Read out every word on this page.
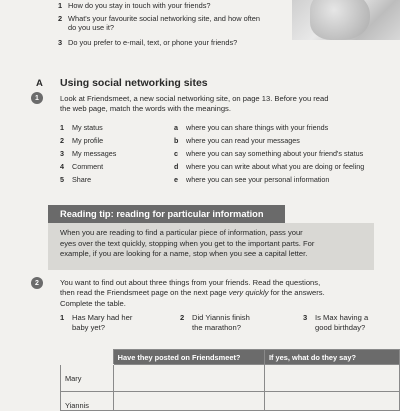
1 How do you stay in touch with your friends?
2 What's your favourite social networking site, and how often
do you use it?
3 Do you prefer to e-mail, text, or phone your friends?
A Using social networking sites
1	Look at Friendsmeet, a new social networking site, on page 13. Before you read
the web page, match the words with the meanings.
1 My status	a where you can share things with your friends
2 My profile	b where you can read your messages
3 My messages	c where you can say something about your friend's status
4 Comment	d where you can write about what you are doing or feeling
5 Share	e where you can see your personal information
Reading tip: reading for particular information
When you are reading to find a particular piece of information, pass your
eyes over the text quickly, stopping when you get to the important parts. For
example, if you are looking for a name, stop when you see a capital letter.
2	You want to find out about three things from your friends. Read the questions,
then read the Friendsmeet page on the next page very quickly for the answers.
Complete the table.
1 Has Mary had her
baby yet?
2 Did Yiannis finish
the marathon?
3 Is Max having a
good birthday?
	Have they posted on Friendsmeet?	If yes, what do they say?
Mary		
Yiannis		
